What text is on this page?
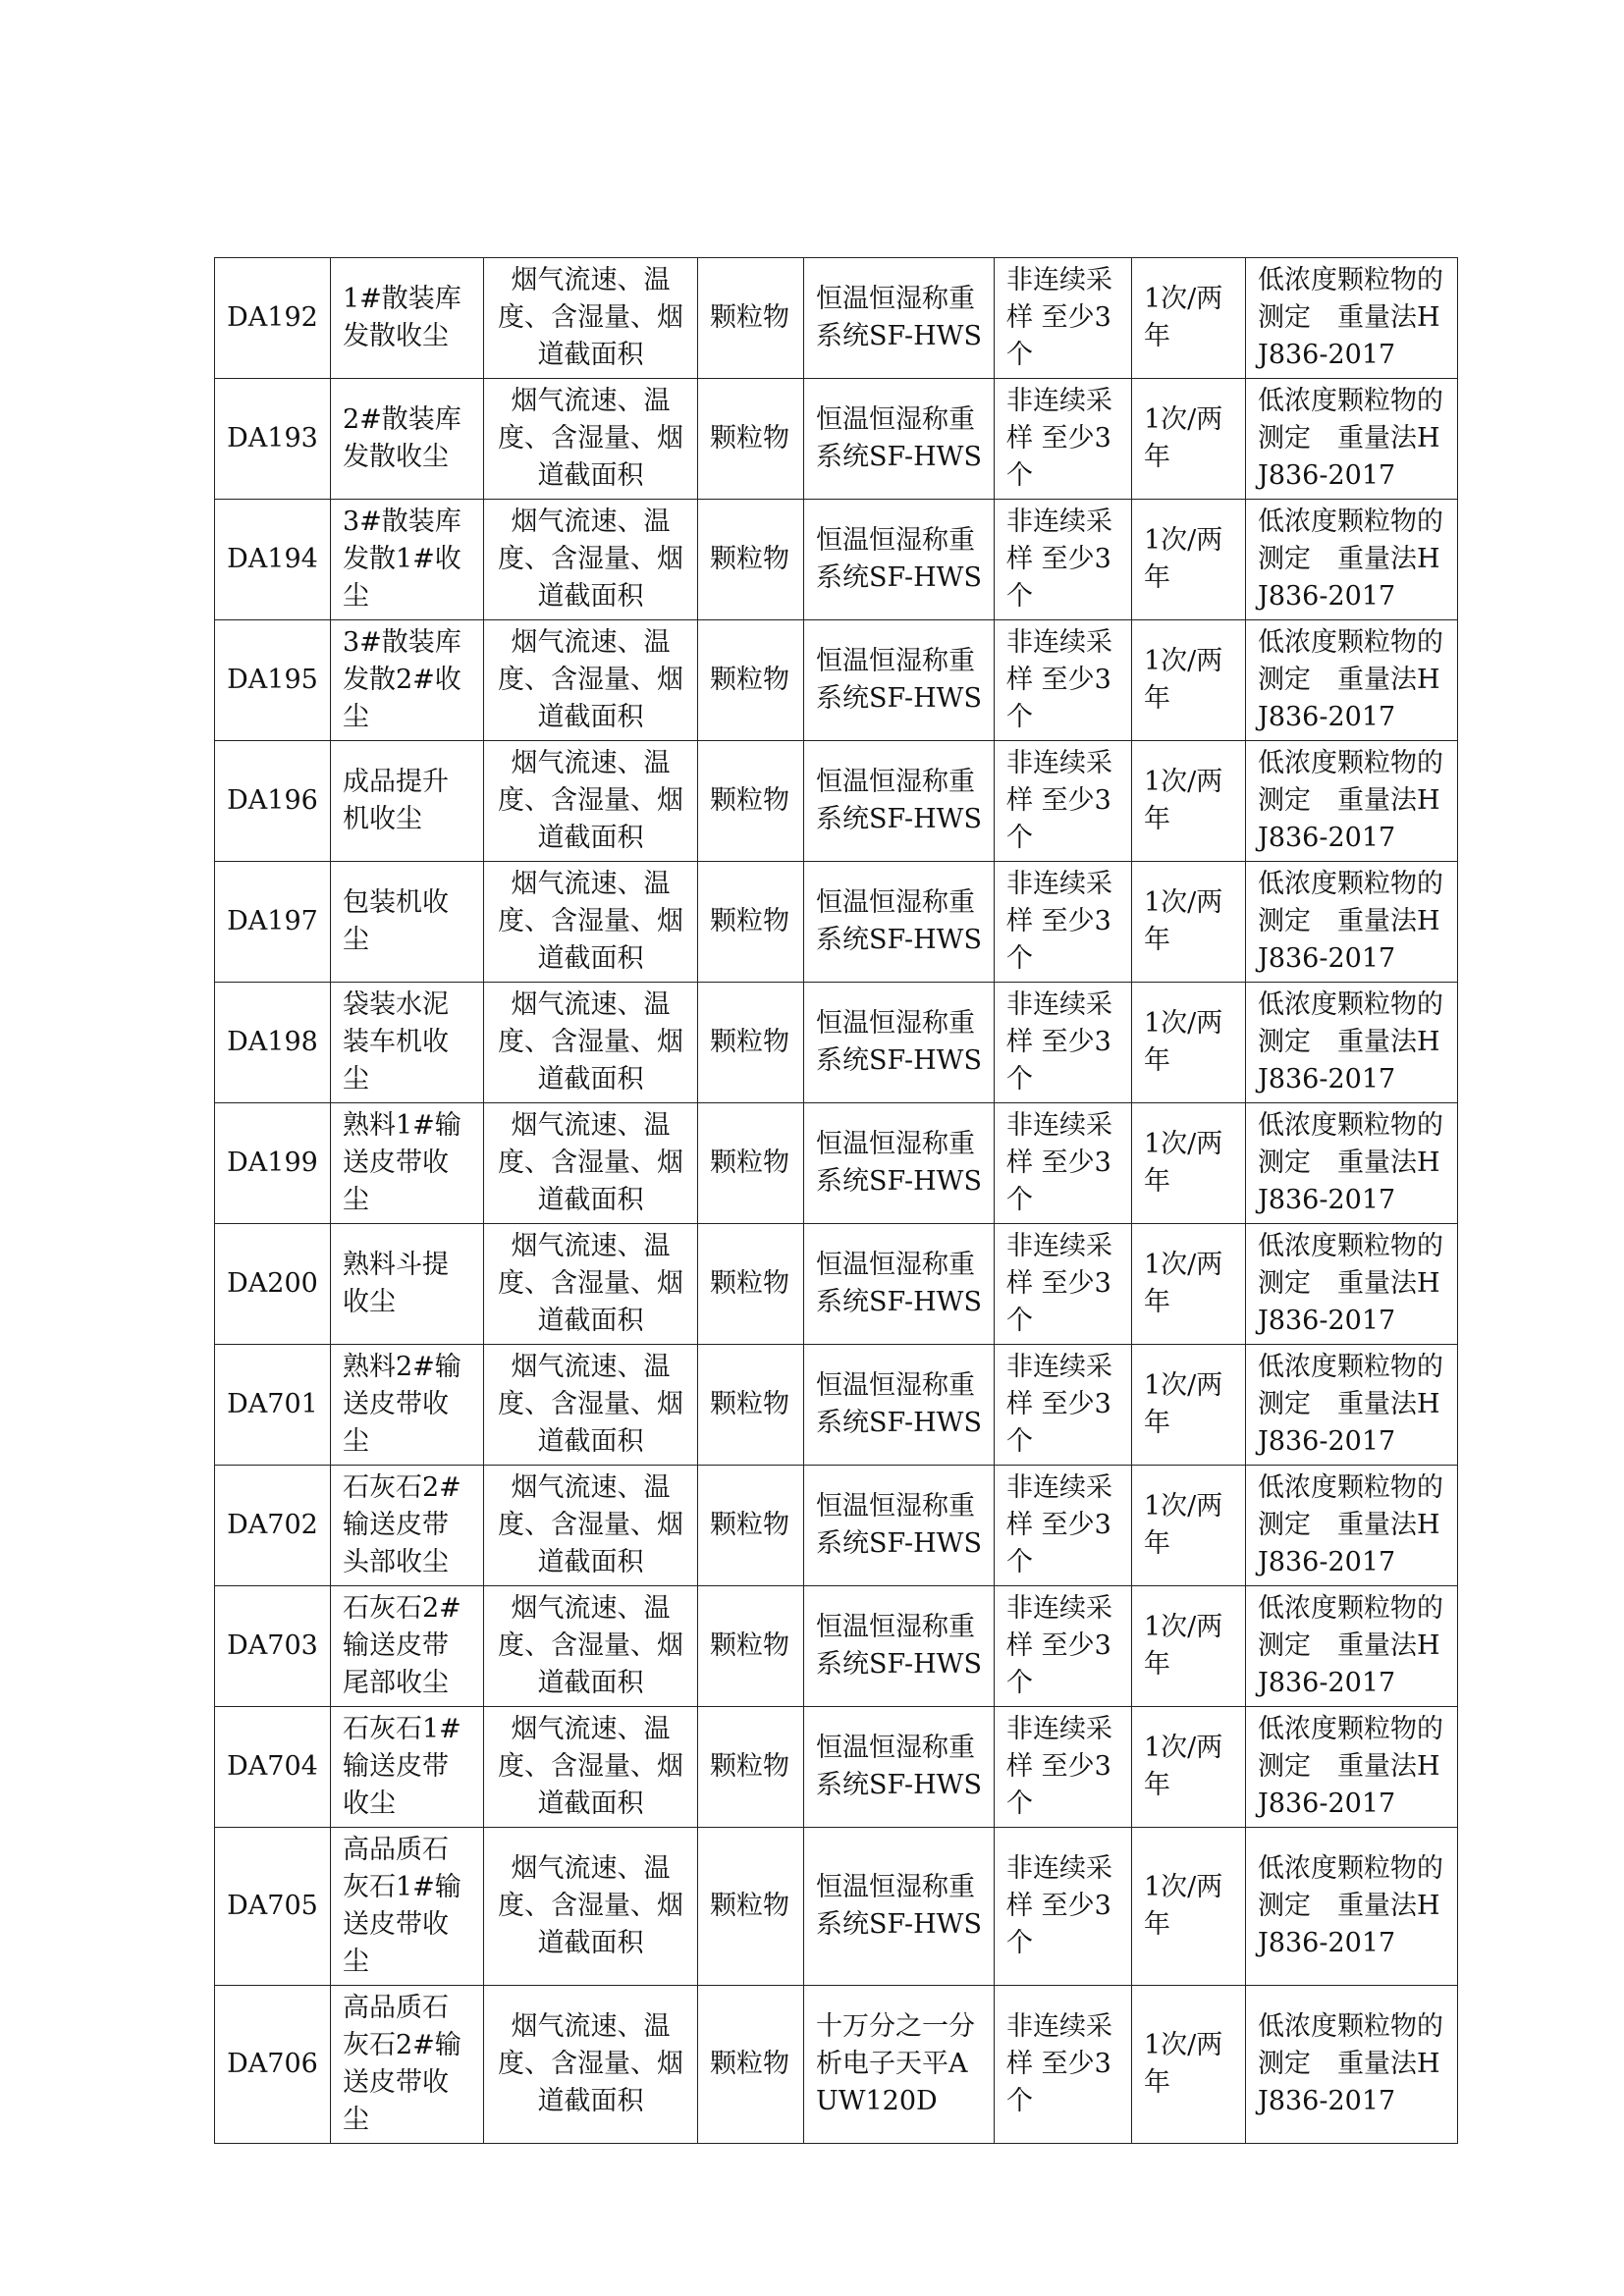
DA192	1#散装库发散收尘	烟气流速、温度、含湿量、烟道截面积	颗粒物	恒温恒湿称重系统SF-HWS	非连续采样 至少3个	1次/两年	低浓度颗粒物的测定　重量法HJ836-2017
DA193	2#散装库发散收尘	烟气流速、温度、含湿量、烟道截面积	颗粒物	恒温恒湿称重系统SF-HWS	非连续采样 至少3个	1次/两年	低浓度颗粒物的测定　重量法HJ836-2017
DA194	3#散装库发散1#收尘	烟气流速、温度、含湿量、烟道截面积	颗粒物	恒温恒湿称重系统SF-HWS	非连续采样 至少3个	1次/两年	低浓度颗粒物的测定　重量法HJ836-2017
DA195	3#散装库发散2#收尘	烟气流速、温度、含湿量、烟道截面积	颗粒物	恒温恒湿称重系统SF-HWS	非连续采样 至少3个	1次/两年	低浓度颗粒物的测定　重量法HJ836-2017
DA196	成品提升机收尘	烟气流速、温度、含湿量、烟道截面积	颗粒物	恒温恒湿称重系统SF-HWS	非连续采样 至少3个	1次/两年	低浓度颗粒物的测定　重量法HJ836-2017
DA197	包装机收尘	烟气流速、温度、含湿量、烟道截面积	颗粒物	恒温恒湿称重系统SF-HWS	非连续采样 至少3个	1次/两年	低浓度颗粒物的测定　重量法HJ836-2017
DA198	袋装水泥装车机收尘	烟气流速、温度、含湿量、烟道截面积	颗粒物	恒温恒湿称重系统SF-HWS	非连续采样 至少3个	1次/两年	低浓度颗粒物的测定　重量法HJ836-2017
DA199	熟料1#输送皮带收尘	烟气流速、温度、含湿量、烟道截面积	颗粒物	恒温恒湿称重系统SF-HWS	非连续采样 至少3个	1次/两年	低浓度颗粒物的测定　重量法HJ836-2017
DA200	熟料斗提收尘	烟气流速、温度、含湿量、烟道截面积	颗粒物	恒温恒湿称重系统SF-HWS	非连续采样 至少3个	1次/两年	低浓度颗粒物的测定　重量法HJ836-2017
DA701	熟料2#输送皮带收尘	烟气流速、温度、含湿量、烟道截面积	颗粒物	恒温恒湿称重系统SF-HWS	非连续采样 至少3个	1次/两年	低浓度颗粒物的测定　重量法HJ836-2017
DA702	石灰石2#输送皮带头部收尘	烟气流速、温度、含湿量、烟道截面积	颗粒物	恒温恒湿称重系统SF-HWS	非连续采样 至少3个	1次/两年	低浓度颗粒物的测定　重量法HJ836-2017
DA703	石灰石2#输送皮带尾部收尘	烟气流速、温度、含湿量、烟道截面积	颗粒物	恒温恒湿称重系统SF-HWS	非连续采样 至少3个	1次/两年	低浓度颗粒物的测定　重量法HJ836-2017
DA704	石灰石1#输送皮带收尘	烟气流速、温度、含湿量、烟道截面积	颗粒物	恒温恒湿称重系统SF-HWS	非连续采样 至少3个	1次/两年	低浓度颗粒物的测定　重量法HJ836-2017
DA705	高品质石灰石1#输送皮带收尘	烟气流速、温度、含湿量、烟道截面积	颗粒物	恒温恒湿称重系统SF-HWS	非连续采样 至少3个	1次/两年	低浓度颗粒物的测定　重量法HJ836-2017
DA706	高品质石灰石2#输送皮带收尘	烟气流速、温度、含湿量、烟道截面积	颗粒物	十万分之一分析电子天平AUW120D	非连续采样 至少3个	1次/两年	低浓度颗粒物的测定　重量法HJ836-2017
